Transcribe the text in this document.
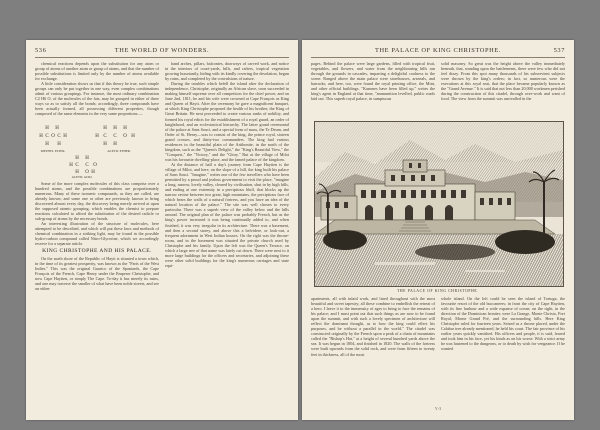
536	THE WORLD OF WONDERS.

chemical reactions depends upon the substitution for any atom or group of atoms of another atom or group of atoms, and that the number of possible substitutions is limited only by the number of atoms available for exchange.

A little consideration shows us that if this theory be true, such simple groups can only be put together in one way, even complex combinations admit of various groupings. For instance, the most ordinary combination C2 H6 O, of the molecules of the fats, may be grouped in either of three ways so as to satisfy all the bonds; accordingly, three compounds have been actually formed, all possessing different properties, though composed of the same elements in the very same proportions:—

H H
H C O C H
H H
METHYL ESTER.
H H H
H C C O H
H H
ACETIC ETHER.
H H
H C C O
H O H
ACETIC ACID.

Some of the more complex molecules of this class comprise over a hundred atoms, and the possible combinations are proportionately numerous. Many of these isomeric compounds, as they are called, are already known; and some one or other are previously known to bring discovered almost every day, the discovery being merely arrived at upon the supposed atomic grouping, which enables the chemist to prepare reactions calculated to afford the substitution of the desired radicle or sub-group of atoms by the necessary bonds.

An interesting illustration of the structure of molecules, here attempted to be described, and which will put these laws and methods of chemical combination in a striking light, may be found in the possible hydro-carbon compound called Nitro-Glycerine, which we accordingly reserve for a separate article.

KING CHRISTOPHE AND HIS PALACE.

On the north shore of the Republic of Hayti is situated a town which, in the time of its greatest prosperity, was known as the "Paris of the West Indies." This was the original Guarico of the Spaniards, the Cape François of the French, Cape Henry under the Emperor Christophe, and now Cape Haytien, or simply The Cape. To-day it has merely its ruins, and one may traverse the smaller of what have been noble streets, and see on either

hand arches, pillars, balconies, doorways of carved work, and notice in the interiors of court-yards, hills, and rafters, tropical vegetation growing luxuriantly, hiding with its kindly covering the desolation, begun by ruins, and completed by the convulsions of nature.

During the troubles which befell the island after the declaration of independence, Christophe, originally an African slave, soon succeeded in making himself supreme over all competitors for the chief power, and on June 2nd, 1811, he and his wife were crowned at Cape François as King and Queen of Hayti. After the ceremony he gave a magnificent banquet, at which King Christophe proposed the health of his brother, the King of Great Britain. He next proceeded to create various ranks of nobility, and formed his royal edicts for the establishment of a royal guard, an order of knighthood, and an ecclesiastical hierarchy. The latter grand ceremonial of the palace at Sans Souci, and a special form of mass, the Te Deum, and Order of St. Henry—was to consist of the king, the prince royal, sixteen grand crosses, and thirty-two commanders. The king had various residences in the beautiful plain of the Artibonite, in the north of the kingdom, such as the "Queen's Delight," the "King's Beautiful View," the "Conquest," the "Victory," and the "Glory." But at the village of Milot was his favourite dwelling-place, and the famed palace of the kingdom.

At the distance of half a day's journey from Cape Haytien is the village of Milot, and here, on the slope of a hill, the king built his palace of Sans Souci. "Imagine," writes one of the few travellers who have been permitted by a proud and jealous government to visit the place, "imagine a long, narrow, lovely valley, cleared by civilisation, shut in by high hills, and ending at one extremity in a precipitous bluff, that blocks up the narrow ravine between two great, high mountains, the precipitous face of which bears the walls of a natural fortress, and you have an idea of the natural location of the palace." The site was well chosen to every particular. There was a superb view of the valley below and the hills around. The original plan of the palace was probably French, but as the king's power increased it was being continually added to, and when finished, it was very irregular in its architecture. There was a basement, and then a second storey, and above this a belvidere, or look-out, a frequent adornment in West Indian houses. On the right was the throne-room, and in the basement was situated the private church used by Christophe and his family. Upon the left was the Queen's Terrace, on which a large tree of that name was lately cut down. There were next to it more large buildings for the officers and secretaries, and adjoining these were other solid buildings for the king's numerous carriages and state equi-

THE PALACE OF KING CHRISTOPHE.	537

pages. Behind the palace were large gardens, filled with tropical fruit, vegetables, and flowers, and water from the neighbouring hills ran through the grounds in cascades, imparting a delightful coolness to the scene. Ranged above the main palace were storehouses, arsenals, and barracks; and here, too, were found the royal printing office, the Mint, and other official buildings. "Kanones have been filled up," writes the king's agent in England at that time, "ammunition levelled, public roads laid out. This superb royal palace, in sumptuous

solid masonry. So great was the height above the valley immediately beneath, that, standing upon the battlements, there were few who did not feel dizzy. From this spot many thousands of his subservient subjects were thrown by the king's orders; in fact, so numerous were the executions at this royal seat, that the place became popularly known as the "Grand Avenue." It is said that not less than 20,000 workmen perished during the construction of this citadel, through over-work and want of food. The view from the summit was unrivalled in the

THE PALACE OF KING CHRISTOPHE.

apartments, all with inlaid work, and lined throughout with the most beautiful and sweet tapestry; all these combine to embellish the retreat of a hero. I leave it to the immensity of ages to bring to face the remains of his palace; and I must point out that such things as are now to be found upon the summit, and with such a lovely specimen of architecture will reflect the dominant thought, as to how the king could effect his purposes, and be without a parallel in the world." The citadel was constructed originally by the French upon a peak of a chain of mountains called the "Bishop's Hat," at a height of several hundred yards above the sea. It was begun in 1804, and finished in 1820. The walls of the fortress were built upwards from the solid rock, and were from fifteen to twenty feet in thickness, all of the most

whole island. On the left could be seen the island of Tortuga, the favourite resort of the old buccaneers; in front the city of Cape Haytien, with its fine harbour and a wide expanse of ocean; on the right, in the direction of the Dominican frontier, were La Grange, Monte Christo, Fort Royal, Morne Grand Pré, and the surrounding hills. Here King Christophe ruled for fourteen years. Seized as a throne placed, under the Calabar tree already mentioned, he held his court. The fair province of his earlier years quickly vanished. His officers and people, it is said, feared and took him in his face, yet his kinds as on his worse. With a strict army he was hastened to the dungeons, or to death by wish for vengeance. If he wanted

V.-3
